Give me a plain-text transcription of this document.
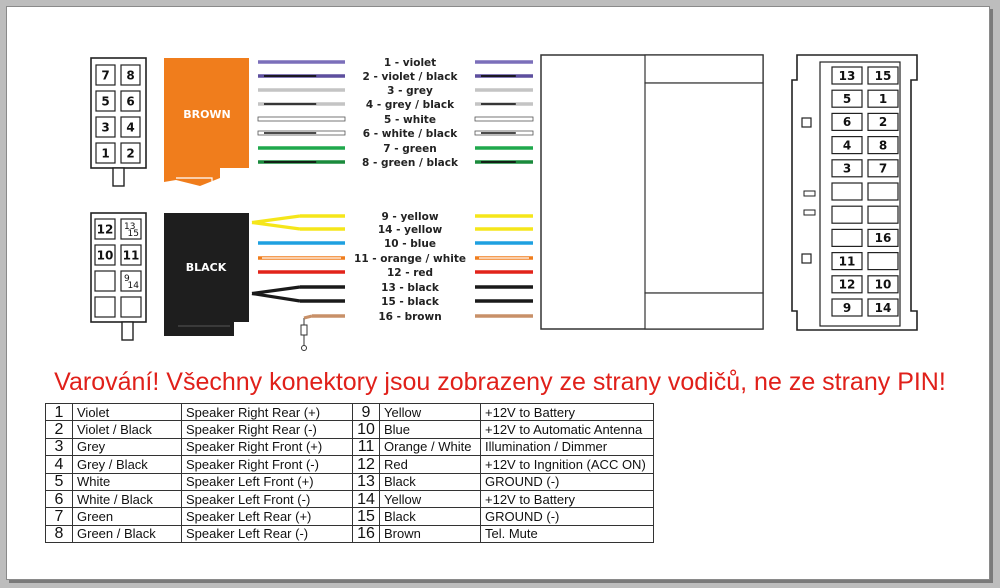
7 8
5 6
3 4
1 2
12 13
15
10 11
9
14
BROWN
BLACK
1 - violet
2 - violet / black
3 - grey
4 - grey / black
5 - white
6 - white / black
7 - green
8 - green / black
9 - yellow
14 - yellow
10 - blue
11 - orange / white
12 - red
13 - black
15 - black
16 - brown
13 15
5 1
6 2
4 8
3 7
16
11
12 10
9 14
Varování! Všechny konektory jsou zobrazeny ze strany vodičů, ne ze strany PIN!
1	Violet	Speaker Right Rear (+)	9	Yellow	+12V to Battery
2	Violet / Black	Speaker Right Rear (-)	10	Blue	+12V to Automatic Antenna
3	Grey	Speaker Right Front (+)	11	Orange / White	Illumination / Dimmer
4	Grey / Black	Speaker Right Front (-)	12	Red	+12V to Ingnition (ACC ON)
5	White	Speaker Left Front (+)	13	Black	GROUND (-)
6	White / Black	Speaker Left Front (-)	14	Yellow	+12V to Battery
7	Green	Speaker Left Rear (+)	15	Black	GROUND (-)
8	Green / Black	Speaker Left Rear (-)	16	Brown	Tel. Mute
